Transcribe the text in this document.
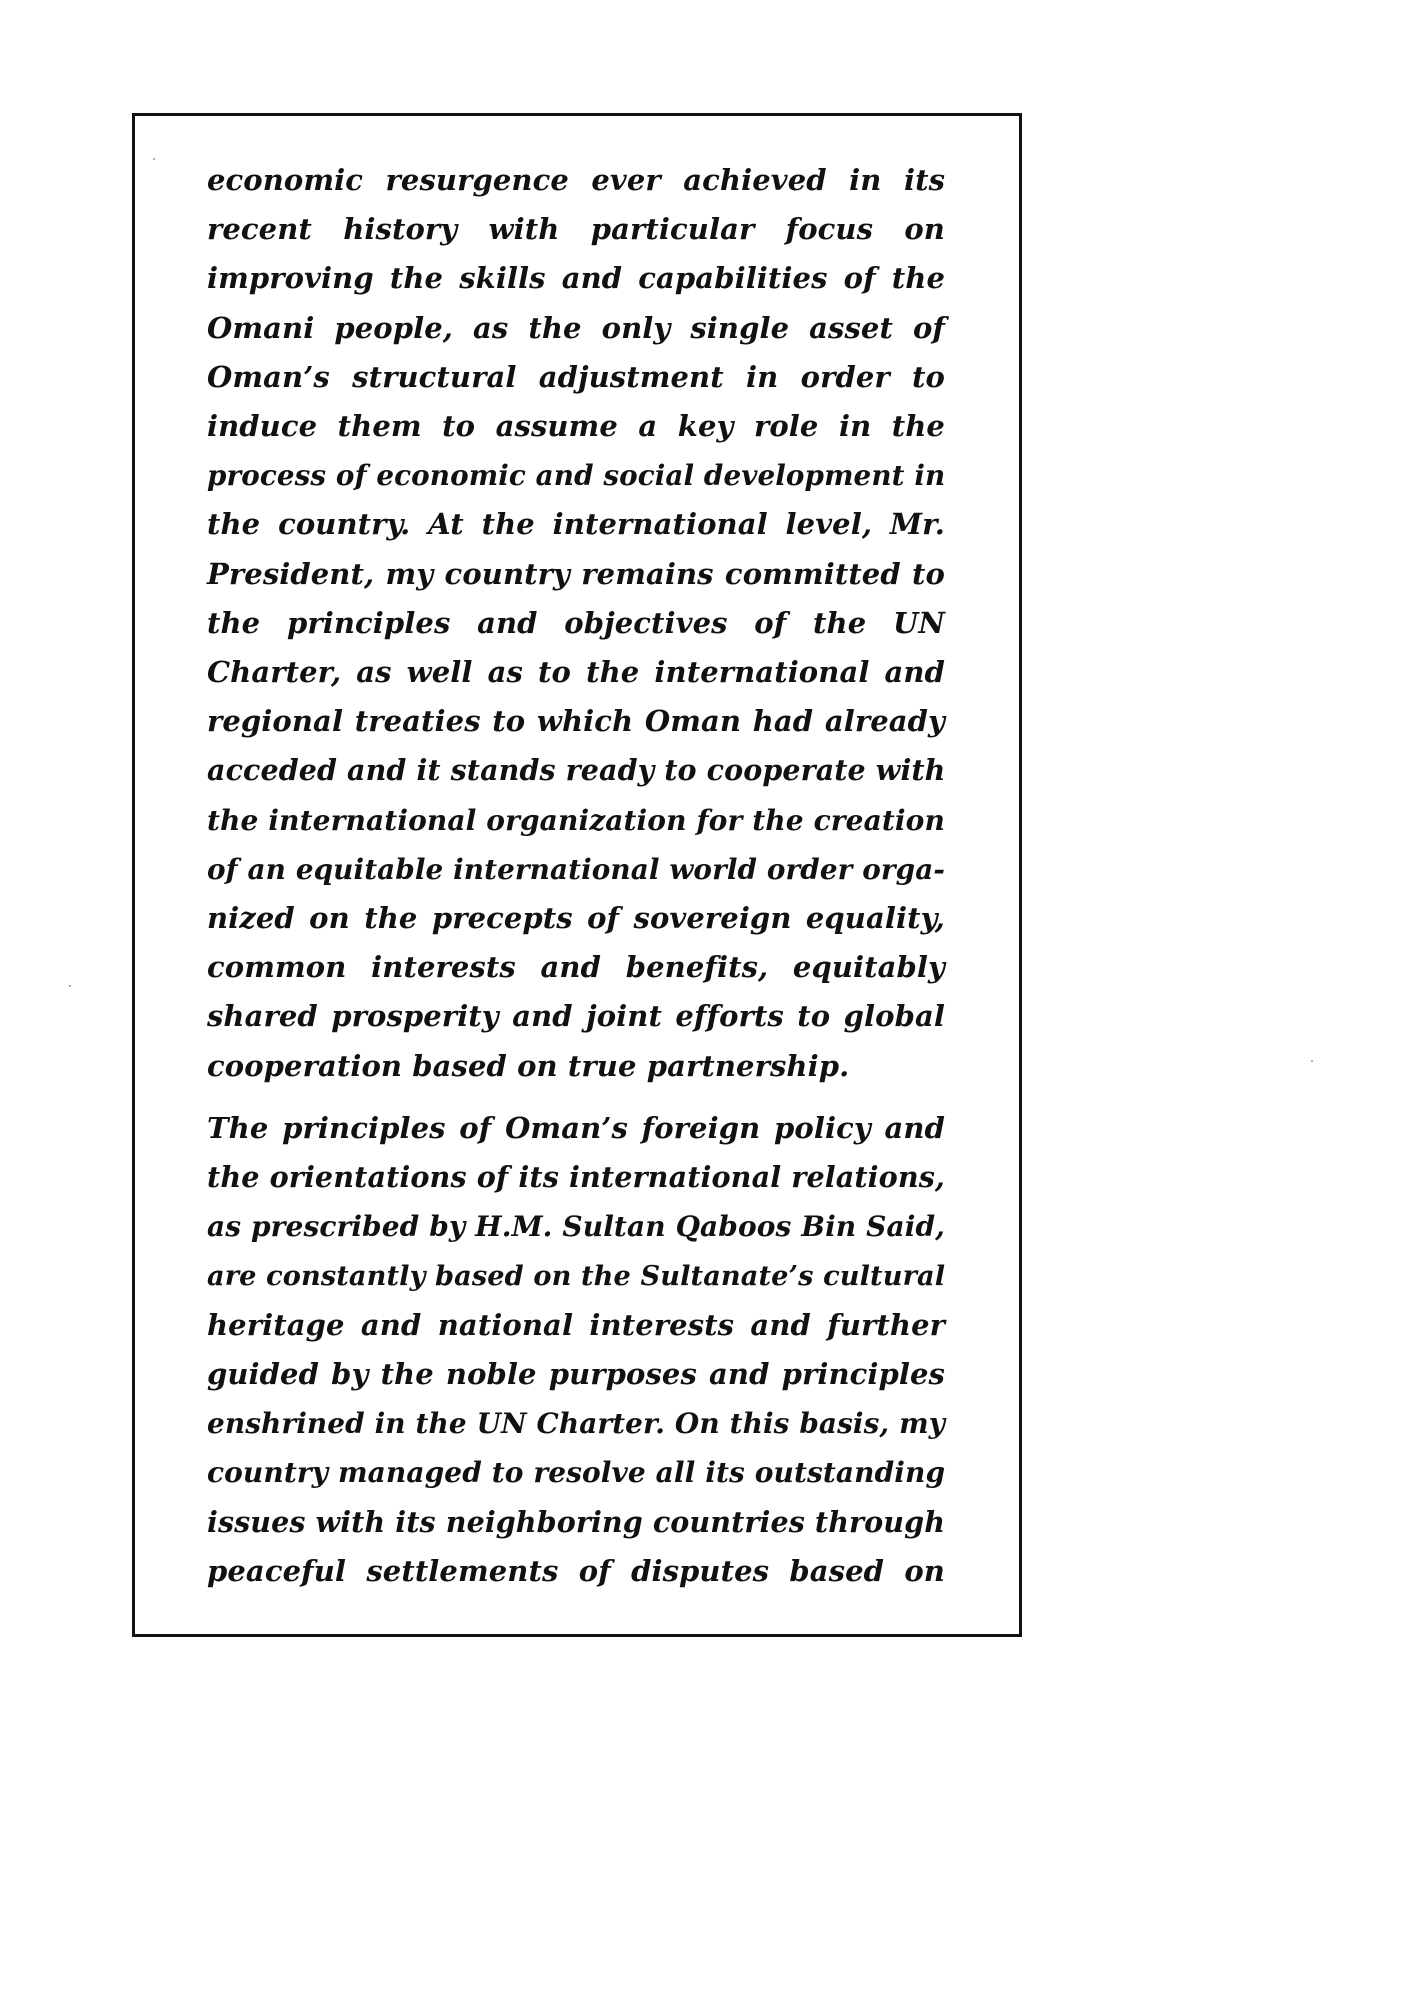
economic resurgence ever achieved in its
recent history with particular focus on
improving the skills and capabilities of the
Omani people, as the only single asset of
Oman’s structural adjustment in order to
induce them to assume a key role in the
process of economic and social development in
the country. At the international level, Mr.
President, my country remains committed to
the principles and objectives of the UN
Charter, as well as to the international and
regional treaties to which Oman had already
acceded and it stands ready to cooperate with
the international organization for the creation
of an equitable international world order orga-
nized on the precepts of sovereign equality,
common interests and benefits, equitably
shared prosperity and joint efforts to global
cooperation based on true partnership.
The principles of Oman’s foreign policy and
the orientations of its international relations,
as prescribed by H.M. Sultan Qaboos Bin Said,
are constantly based on the Sultanate’s cultural
heritage and national interests and further
guided by the noble purposes and principles
enshrined in the UN Charter. On this basis, my
country managed to resolve all its outstanding
issues with its neighboring countries through
peaceful settlements of disputes based on
